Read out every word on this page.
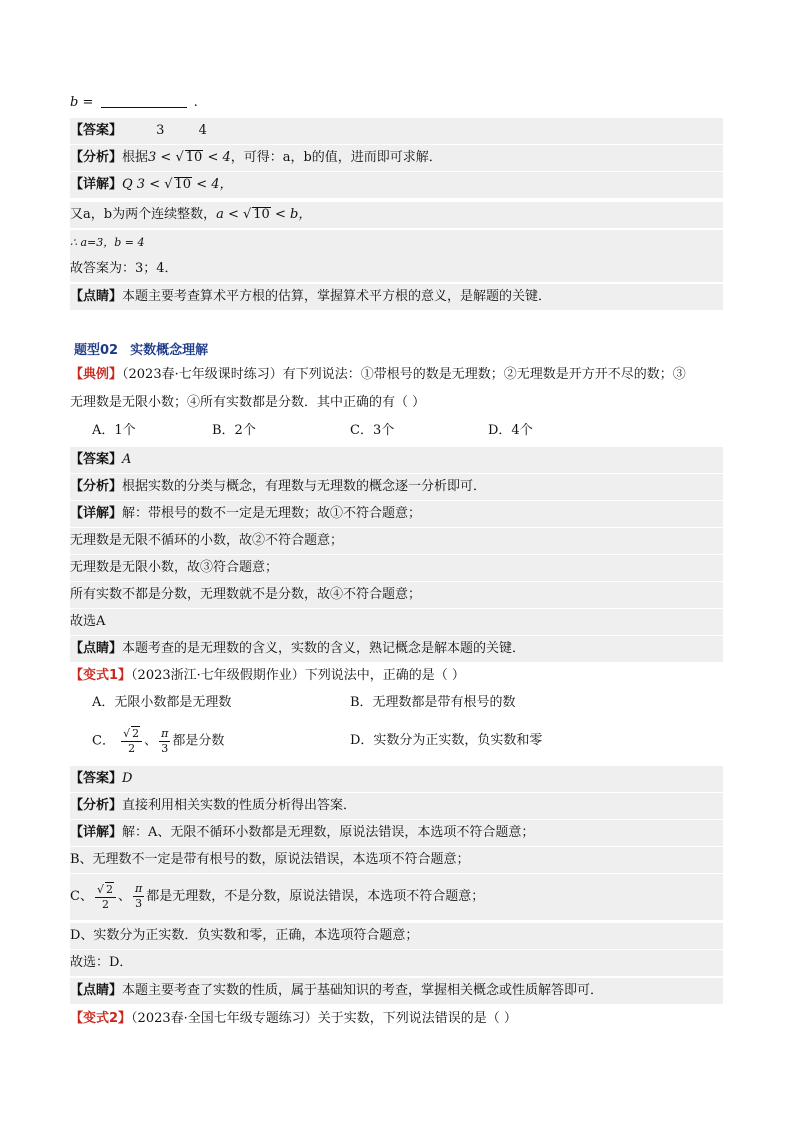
b =	.
【答案】	3	4
【分析】根据3 < √ 10 < 4，可得：a，b的值，进而即可求解．
【详解】Q 3 < √ 10 < 4，
又a，b为两个连续整数，a < √ 10 < b，
∴ a=3，b = 4
故答案为：3；4．
【点睛】本题主要考查算术平方根的估算，掌握算术平方根的意义，是解题的关键．
题型02 实数概念理解
【典例】（2023春·七年级课时练习）有下列说法：①带根号的数是无理数；②无理数是开方开不尽的数；③
无理数是无限小数；④所有实数都是分数．其中正确的有（ ）
A．1个	B．2个	C．3个	D．4个
【答案】A
【分析】根据实数的分类与概念，有理数与无理数的概念逐一分析即可．
【详解】解：带根号的数不一定是无理数；故①不符合题意；
无理数是无限不循环的小数，故②不符合题意；
无理数是无限小数，故③符合题意；
所有实数不都是分数，无理数就不是分数，故④不符合题意；
故选A
【点睛】本题考查的是无理数的含义，实数的含义，熟记概念是解本题的关键．
【变式1】（2023浙江·七年级假期作业）下列说法中，正确的是（ ）
A．无限小数都是无理数	B．无理数都是带有根号的数
C． $\frac{√ 2}{2}$ 、 $\frac{\pi}{3}$ 都是分数	D．实数分为正实数，负实数和零
【答案】D
【分析】直接利用相关实数的性质分析得出答案．
【详解】解：A、无限不循环小数都是无理数，原说法错误，本选项不符合题意；
B、无理数不一定是带有根号的数，原说法错误，本选项不符合题意；
C、 $\frac{√ 2}{2}$ 、 $\frac{\pi}{3}$ 都是无理数，不是分数，原说法错误，本选项不符合题意；
D、实数分为正实数．负实数和零，正确，本选项符合题意；
故选：D．
【点睛】本题主要考查了实数的性质，属于基础知识的考查，掌握相关概念或性质解答即可．
【变式2】（2023春·全国七年级专题练习）关于实数，下列说法错误的是（ ）
